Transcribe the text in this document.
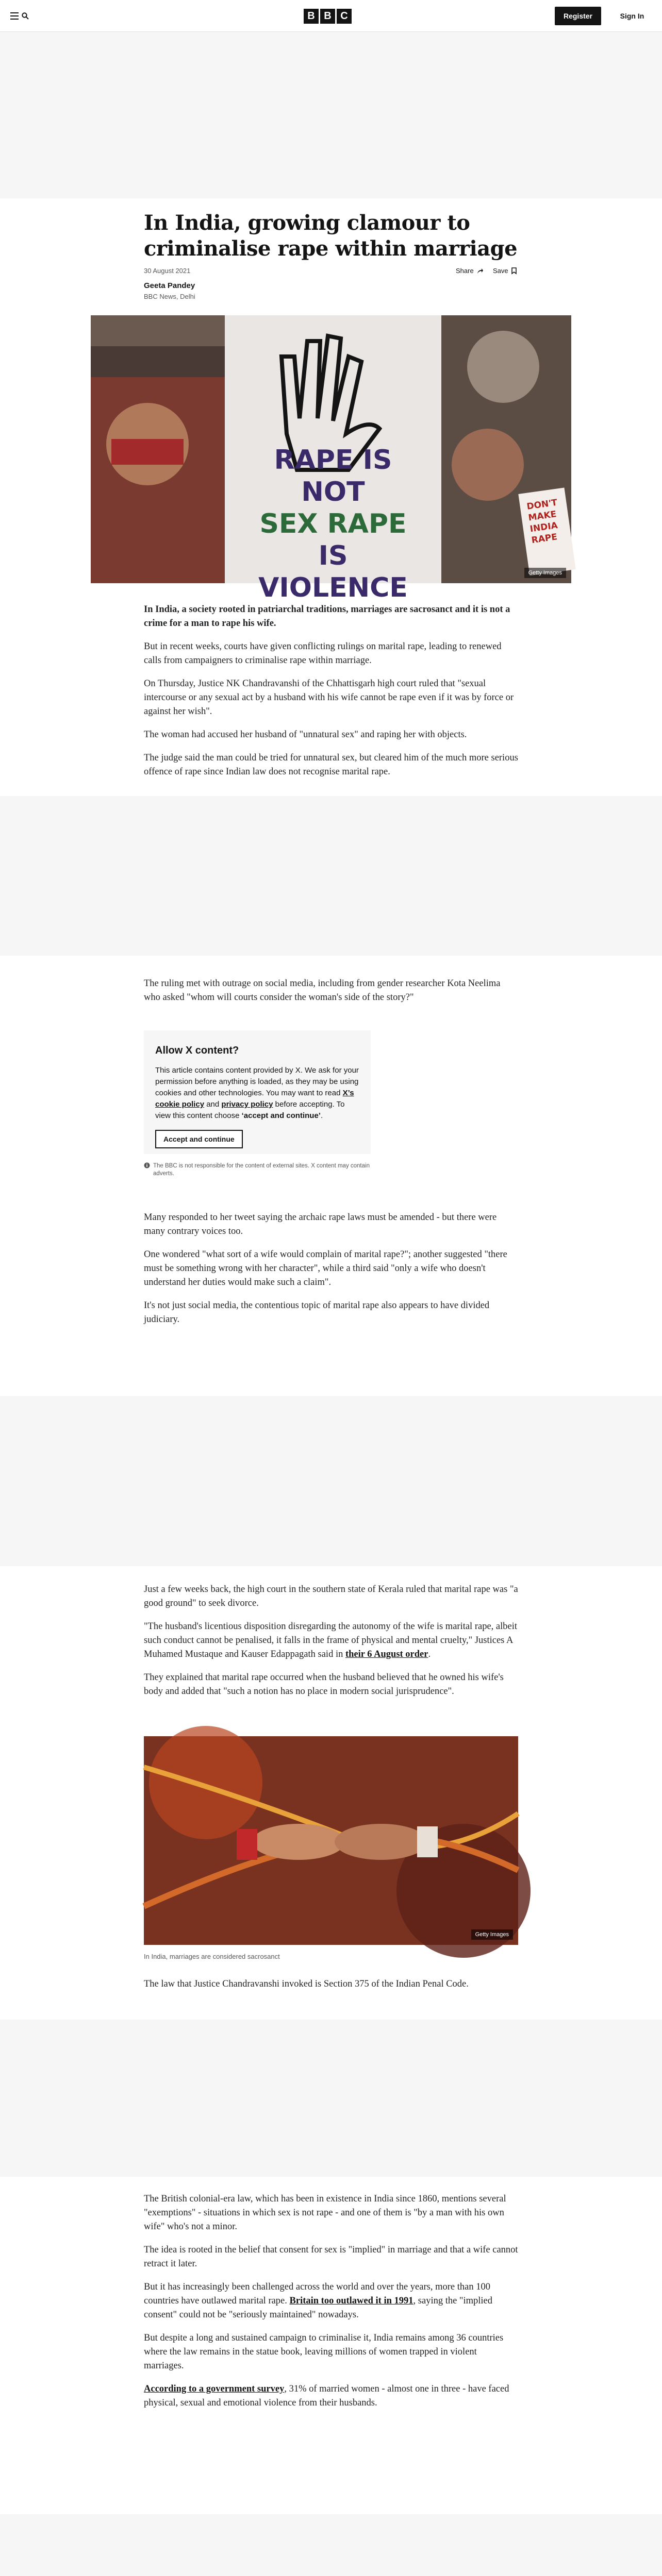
B B C	Register	Sign In
In India, growing clamour to criminalise rape within marriage
30 August 2021	Share	Save
Geeta Pandey
BBC News, Delhi
RAPE IS NOT
SEX RAPE
IS VIOLENCE
DON'T
MAKE
INDIA
RAPE
Getty Images

In India, a society rooted in patriarchal traditions, marriages are sacrosanct and it is not a crime for a man to rape his wife.

But in recent weeks, courts have given conflicting rulings on marital rape, leading to renewed calls from campaigners to criminalise rape within marriage.

On Thursday, Justice NK Chandravanshi of the Chhattisgarh high court ruled that "sexual intercourse or any sexual act by a husband with his wife cannot be rape even if it was by force or against her wish".

The woman had accused her husband of "unnatural sex" and raping her with objects.

The judge said the man could be tried for unnatural sex, but cleared him of the much more serious offence of rape since Indian law does not recognise marital rape.

The ruling met with outrage on social media, including from gender researcher Kota Neelima who asked "whom will courts consider the woman's side of the story?"

Allow X content?

This article contains content provided by X. We ask for your permission before anything is loaded, as they may be using cookies and other technologies. You may want to read X’s cookie policy and privacy policy before accepting. To view this content choose ‘accept and continue’.

Accept and continue
The BBC is not responsible for the content of external sites. X content may contain adverts.

Many responded to her tweet saying the archaic rape laws must be amended - but there were many contrary voices too.

One wondered "what sort of a wife would complain of marital rape?"; another suggested "there must be something wrong with her character", while a third said "only a wife who doesn't understand her duties would make such a claim".

It's not just social media, the contentious topic of marital rape also appears to have divided judiciary.

Just a few weeks back, the high court in the southern state of Kerala ruled that marital rape was "a good ground" to seek divorce.

"The husband's licentious disposition disregarding the autonomy of the wife is marital rape, albeit such conduct cannot be penalised, it falls in the frame of physical and mental cruelty," Justices A Muhamed Mustaque and Kauser Edappagath said in their 6 August order.

They explained that marital rape occurred when the husband believed that he owned his wife's body and added that "such a notion has no place in modern social jurisprudence".

Getty Images
In India, marriages are considered sacrosanct

The law that Justice Chandravanshi invoked is Section 375 of the Indian Penal Code.

The British colonial-era law, which has been in existence in India since 1860, mentions several "exemptions" - situations in which sex is not rape - and one of them is "by a man with his own wife" who's not a minor.

The idea is rooted in the belief that consent for sex is "implied" in marriage and that a wife cannot retract it later.

But it has increasingly been challenged across the world and over the years, more than 100 countries have outlawed marital rape. Britain too outlawed it in 1991, saying the "implied consent" could not be "seriously maintained" nowadays.

But despite a long and sustained campaign to criminalise it, India remains among 36 countries where the law remains in the statue book, leaving millions of women trapped in violent marriages.

According to a government survey, 31% of married women - almost one in three - have faced physical, sexual and emotional violence from their husbands.
